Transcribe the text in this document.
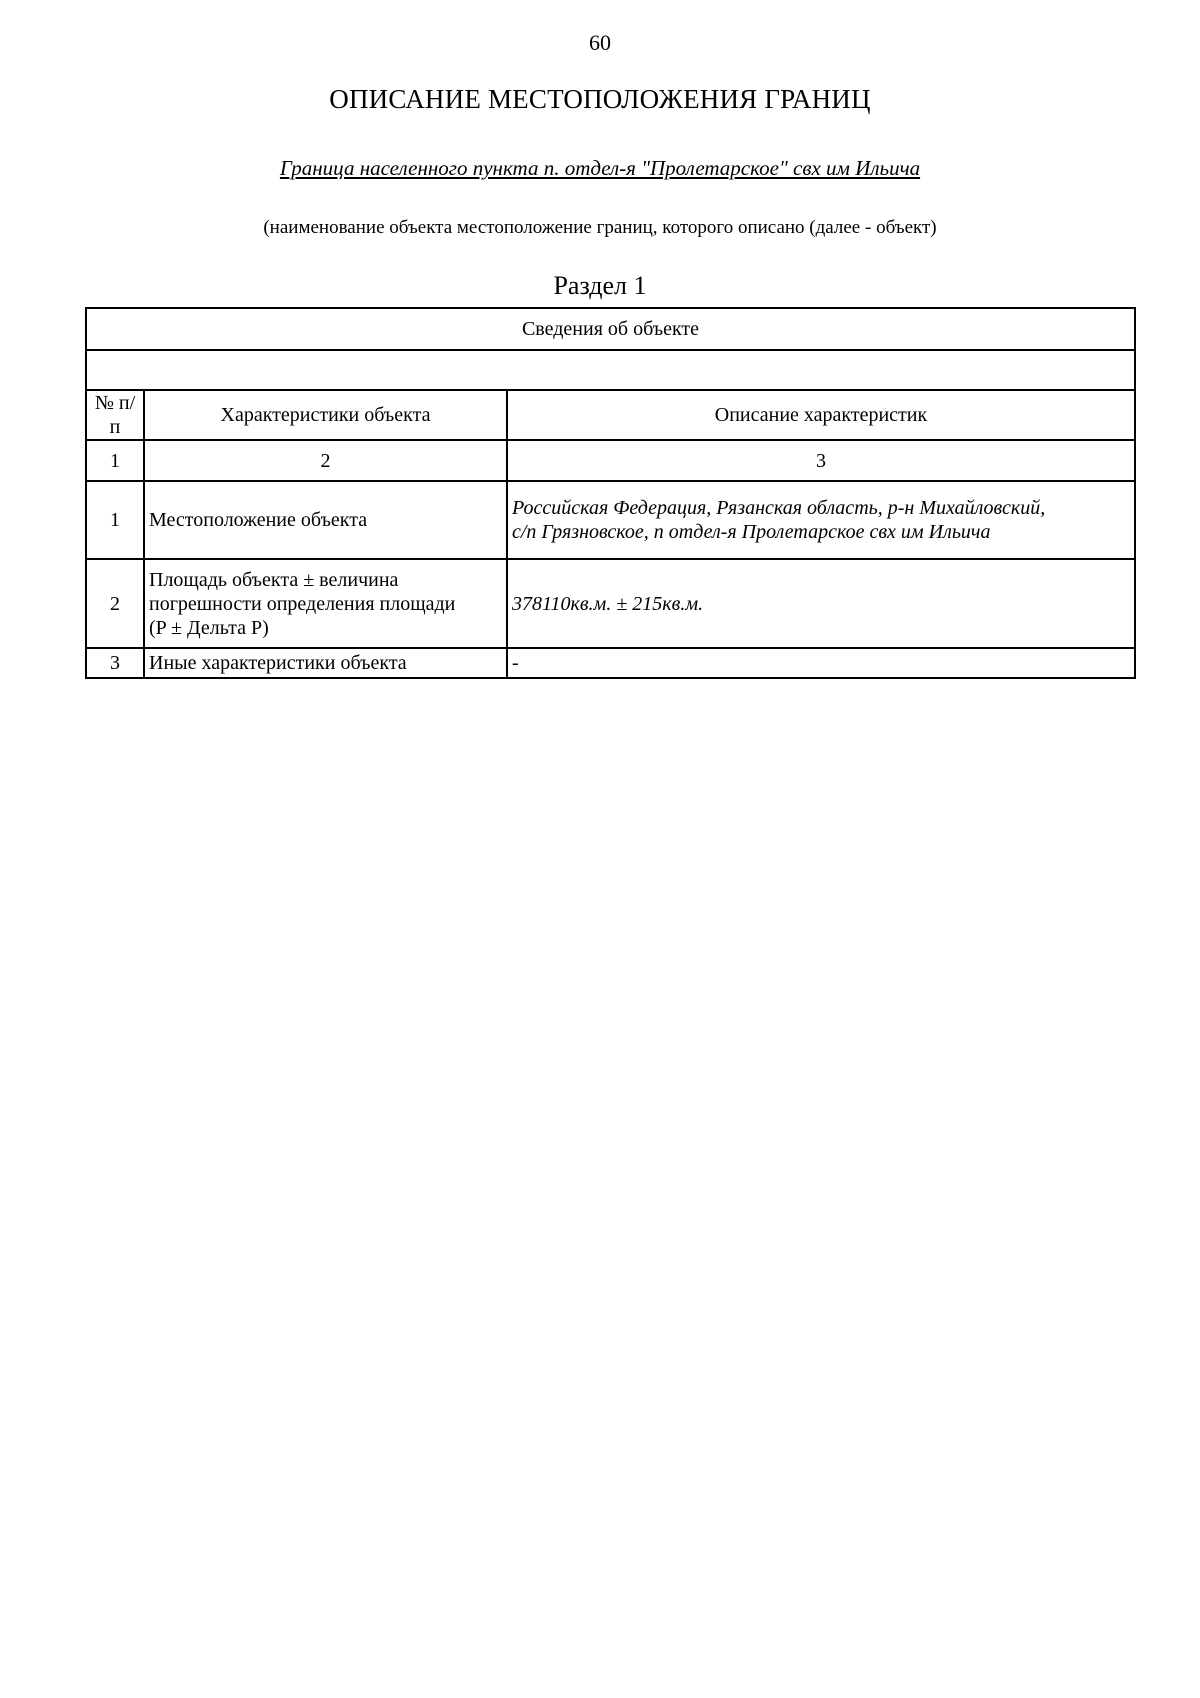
60
ОПИСАНИЕ МЕСТОПОЛОЖЕНИЯ ГРАНИЦ
Граница населенного пункта п. отдел-я "Пролетарское" свх им Ильича
(наименование объекта местоположение границ, которого описано (далее - объект)
Раздел 1
Сведения об объекте		

№ п/п	Характеристики объекта	Описание характеристик
1	2	3
1	Местоположение объекта	Российская Федерация, Рязанская область, р-н Михайловский,
с/п Грязновское, п отдел-я Пролетарское свх им Ильича

2	Площадь объекта ± величина
погрешности определения площади
(P ± Дельта P)	378110кв.м. ± 215кв.м.
3	Иные характеристики объекта	-
